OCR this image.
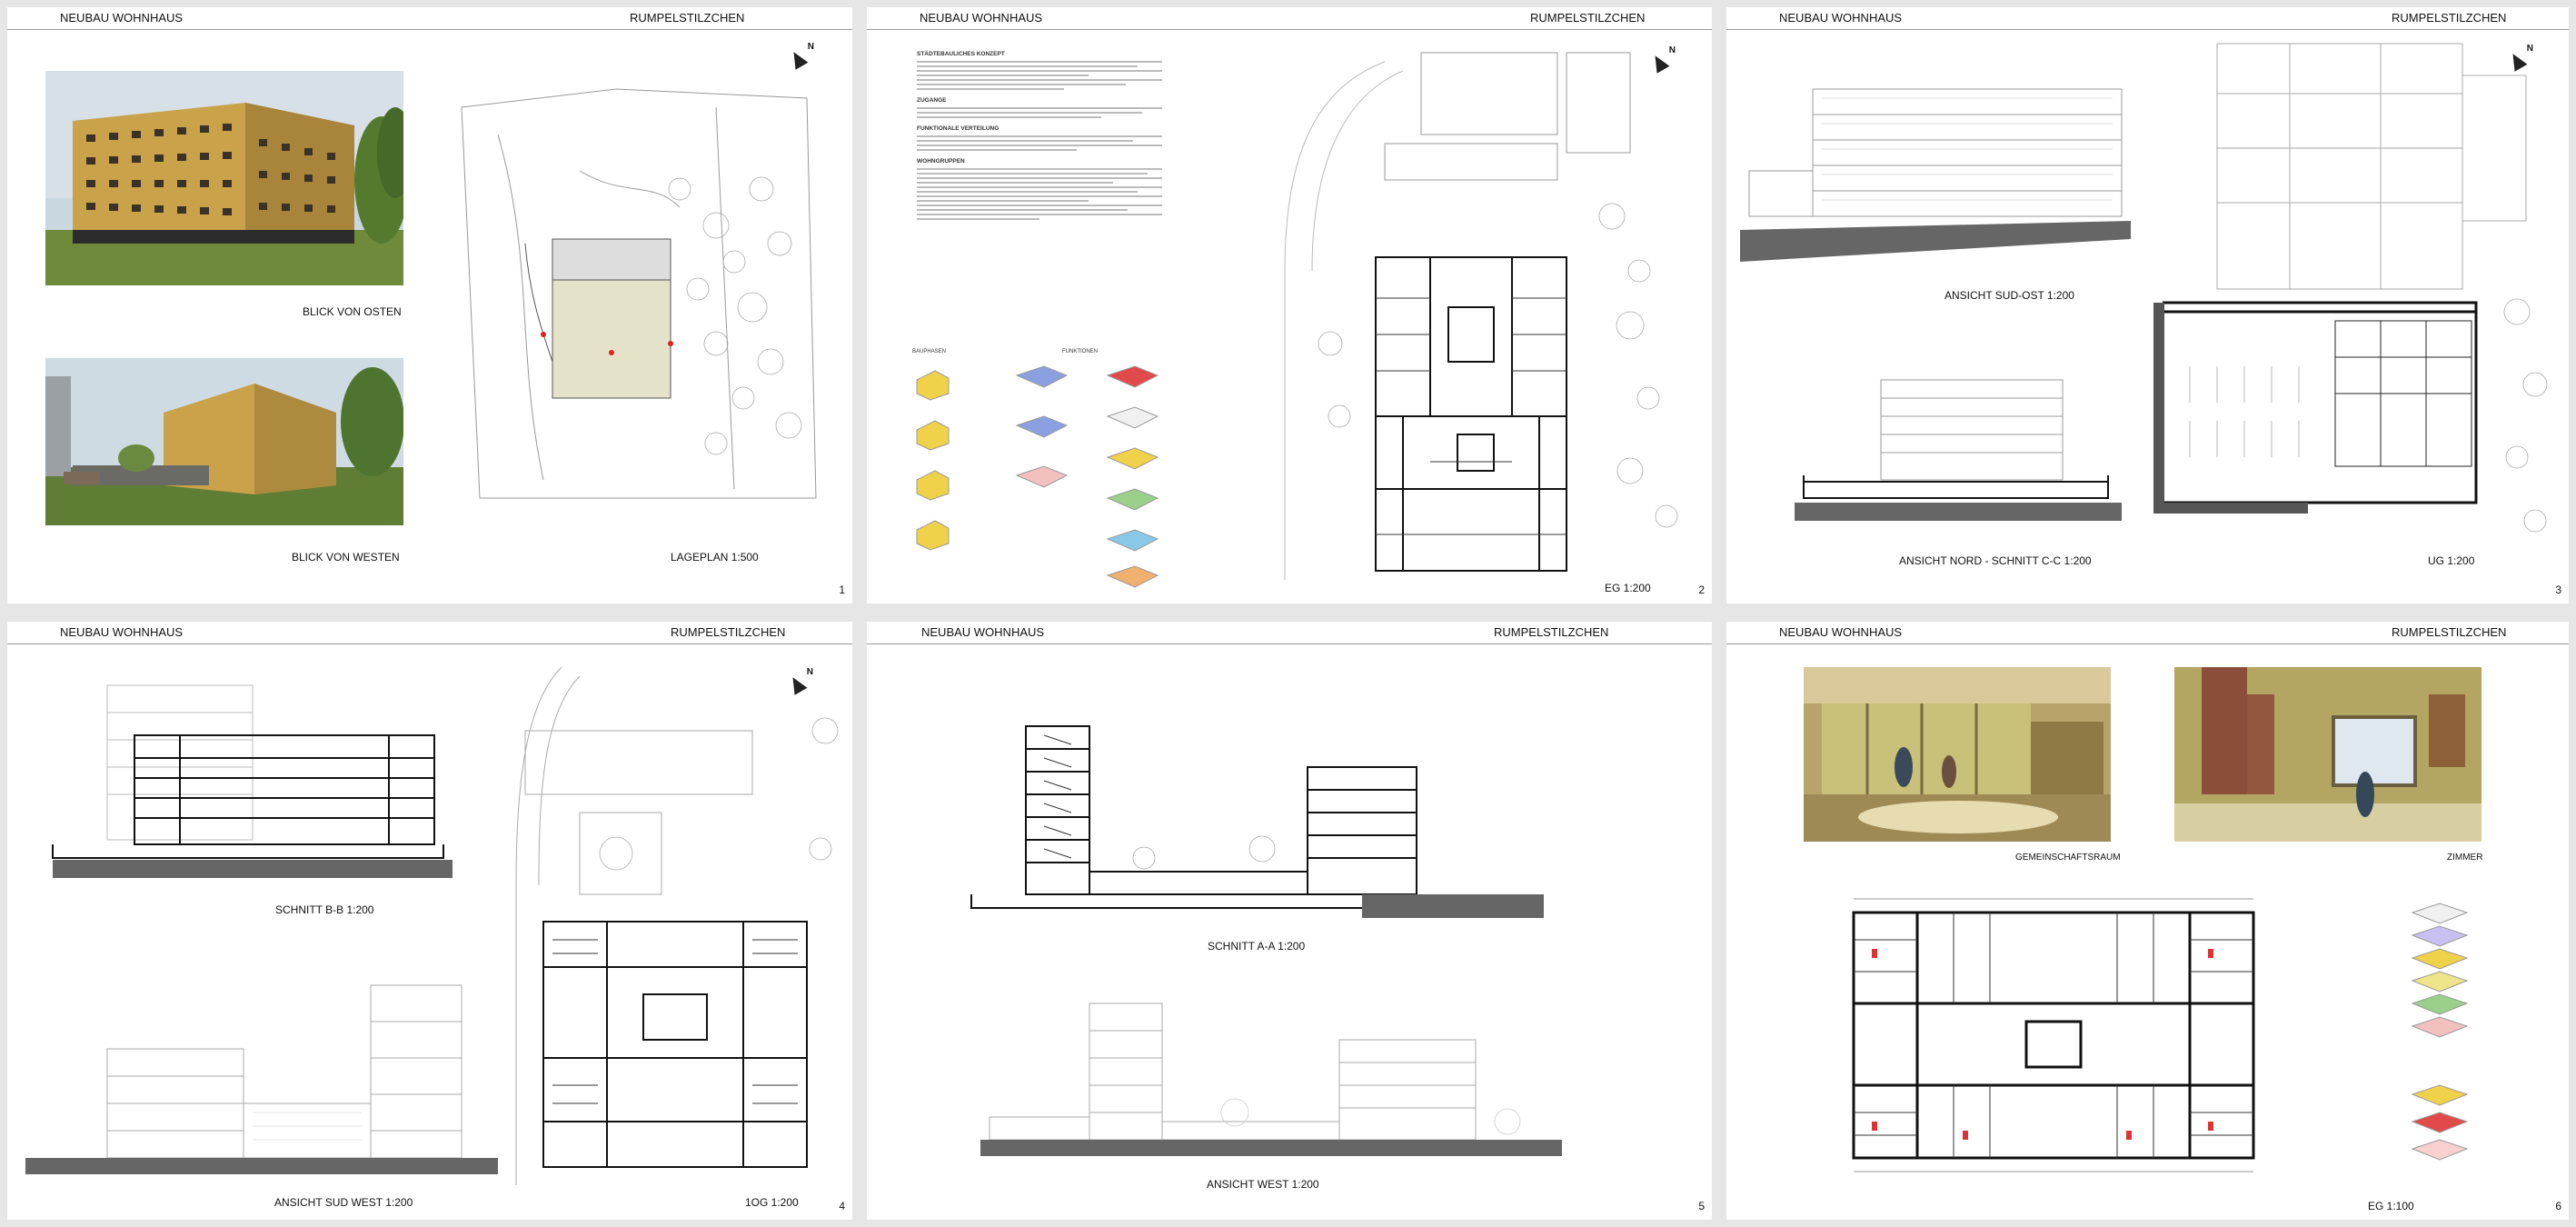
NEUBAU WOHNHAUS	RUMPELSTILZCHEN
BLICK VON OSTEN
BLICK VON WESTEN
N
LAGEPLAN 1:500
1
NEUBAU WOHNHAUS	RUMPELSTILZCHEN
STÄDTEBAULICHES KONZEPT
ZUGANGE
FUNKTIONALE VERTEILUNG
WOHNGRUPPEN
BAUPHASEN	FUNKTIONEN
N
EG 1:200	2
NEUBAU WOHNHAUS	RUMPELSTILZCHEN
ANSICHT SUD-OST 1:200
ANSICHT NORD - SCHNITT C-C 1:200
N
UG 1:200
3
NEUBAU WOHNHAUS	RUMPELSTILZCHEN
SCHNITT B-B 1:200
ANSICHT SUD WEST 1:200
N
1OG 1:200	4
NEUBAU WOHNHAUS	RUMPELSTILZCHEN
SCHNITT A-A 1:200
ANSICHT WEST 1:200
5
NEUBAU WOHNHAUS	RUMPELSTILZCHEN
GEMEINSCHAFTSRAUM	ZIMMER
EG 1:100	6
